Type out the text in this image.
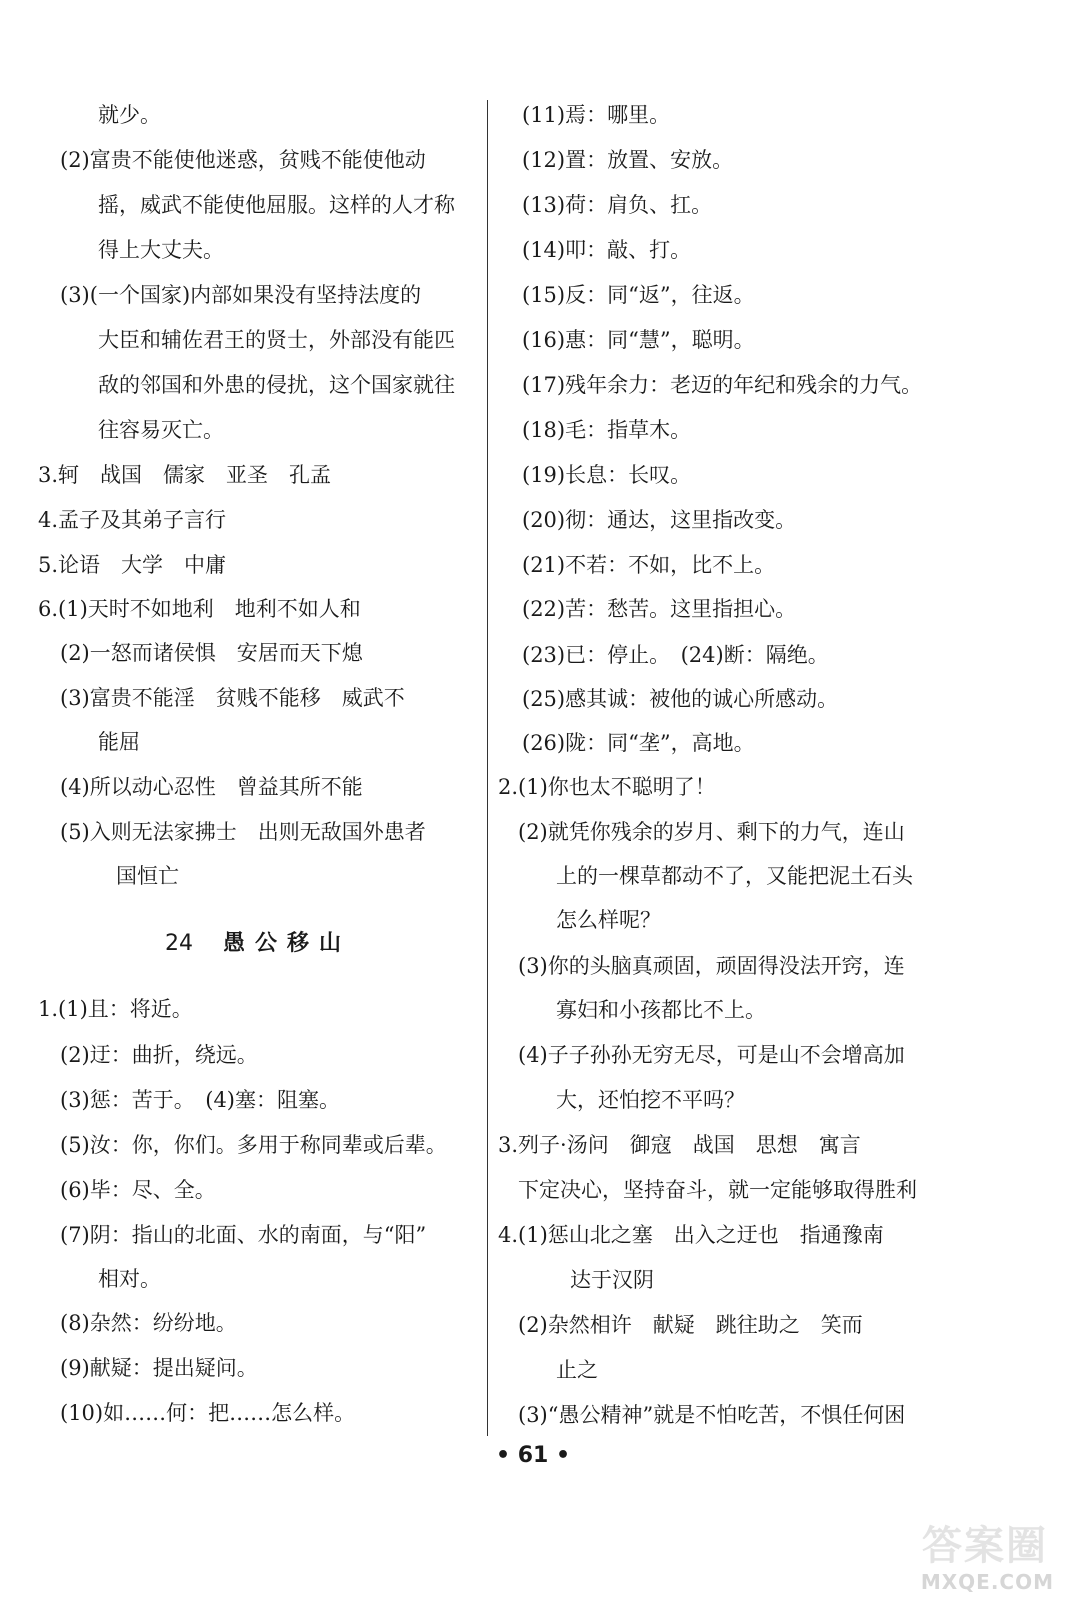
就少。
(2)富贵不能使他迷惑，贫贱不能使他动
摇，威武不能使他屈服。这样的人才称
得上大丈夫。
(3)(一个国家)内部如果没有坚持法度的
大臣和辅佐君王的贤士，外部没有能匹
敌的邻国和外患的侵扰，这个国家就往
往容易灭亡。
3.轲　战国　儒家　亚圣　孔孟
4.孟子及其弟子言行
5.论语　大学　中庸
6.(1)天时不如地利　地利不如人和
(2)一怒而诸侯惧　安居而天下熄
(3)富贵不能淫　贫贱不能移　威武不
能屈
(4)所以动心忍性　曾益其所不能
(5)入则无法家拂士　出则无敌国外患者
国恒亡
1.(1)且：将近。
(2)迂：曲折，绕远。
(3)惩：苦于。　(4)塞：阻塞。
(5)汝：你，你们。多用于称同辈或后辈。
(6)毕：尽、全。
(7)阴：指山的北面、水的南面，与“阳”
相对。
(8)杂然：纷纷地。
(9)献疑：提出疑问。
(10)如……何：把……怎么样。
24 愚公移山
(11)焉：哪里。
(12)置：放置、安放。
(13)荷：肩负、扛。
(14)叩：敲、打。
(15)反：同“返”，往返。
(16)惠：同“慧”，聪明。
(17)残年余力：老迈的年纪和残余的力气。
(18)毛：指草木。
(19)长息：长叹。
(20)彻：通达，这里指改变。
(21)不若：不如，比不上。
(22)苦：愁苦。这里指担心。
(23)已：停止。　(24)断：隔绝。
(25)感其诚：被他的诚心所感动。
(26)陇：同“垄”，高地。
2.(1)你也太不聪明了！
(2)就凭你残余的岁月、剩下的力气，连山
上的一棵草都动不了，又能把泥土石头
怎么样呢？
(3)你的头脑真顽固，顽固得没法开窍，连
寡妇和小孩都比不上。
(4)子子孙孙无穷无尽，可是山不会增高加
大，还怕挖不平吗？
3.列子·汤问　御寇　战国　思想　寓言
下定决心，坚持奋斗，就一定能够取得胜利
4.(1)惩山北之塞　出入之迂也　指通豫南
达于汉阴
(2)杂然相许　献疑　跳往助之　笑而
止之
(3)“愚公精神”就是不怕吃苦，不惧任何困
• 61 •
答案圈
MXQE.COM
